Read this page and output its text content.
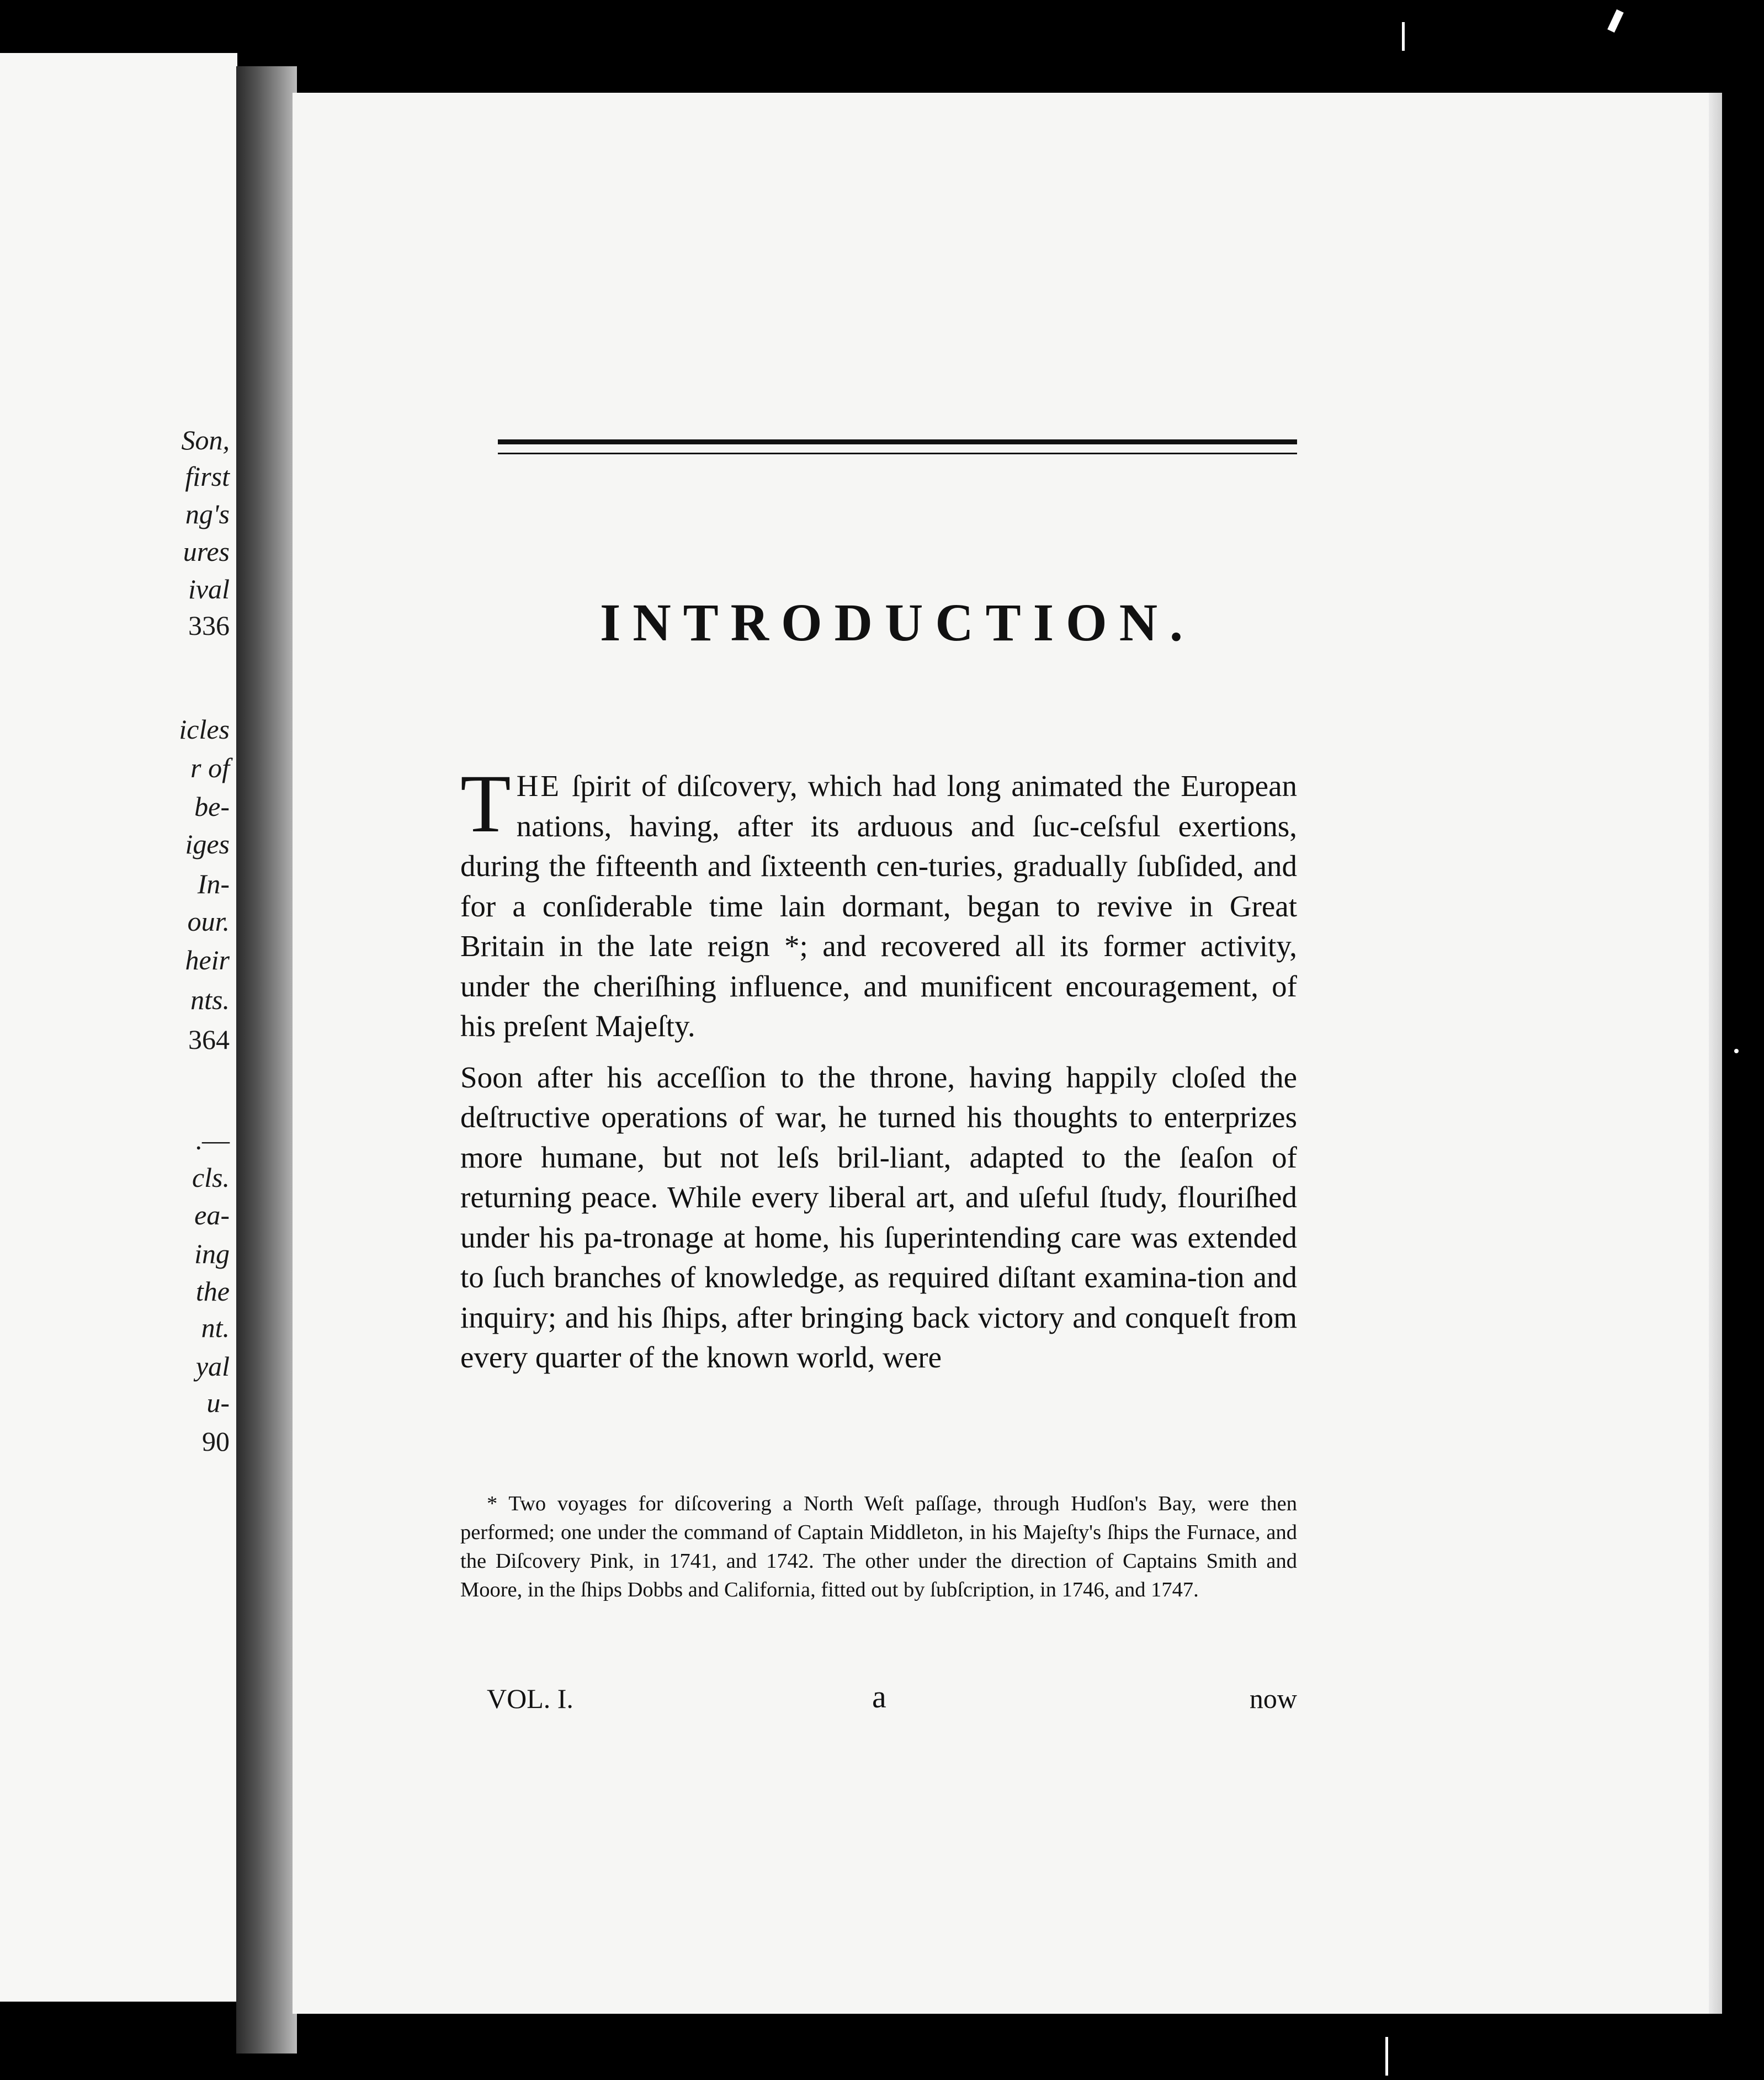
Son,

first

ng's

ures

ival

336

icles

r of

be-

iges

In-

our.

heir

nts.

364

.—

cls.

ea-

ing

the

nt.

yal

u-

90

INTRODUCTION.

THE ſpirit of diſcovery, which had long animated the European nations, having, after its arduous and ſuc-ceſsful exertions, during the fifteenth and ſixteenth cen-turies, gradually ſubſided, and for a conſiderable time lain dormant, began to revive in Great Britain in the late reign *; and recovered all its former activity, under the cheriſhing influence, and munificent encouragement, of his preſent Majeſty.

Soon after his acceſſion to the throne, having happily cloſed the deſtructive operations of war, he turned his thoughts to enterprizes more humane, but not leſs bril-liant, adapted to the ſeaſon of returning peace. While every liberal art, and uſeful ſtudy, flouriſhed under his pa-tronage at home, his ſuperintending care was extended to ſuch branches of knowledge, as required diſtant examina-tion and inquiry; and his ſhips, after bringing back victory and conqueſt from every quarter of the known world, were

* Two voyages for diſcovering a North Weſt paſſage, through Hudſon's Bay, were then performed; one under the command of Captain Middleton, in his Majeſty's ſhips the Furnace, and the Diſcovery Pink, in 1741, and 1742. The other under the direction of Captains Smith and Moore, in the ſhips Dobbs and California, fitted out by ſubſcription, in 1746, and 1747.

VOL. I.	a	now
